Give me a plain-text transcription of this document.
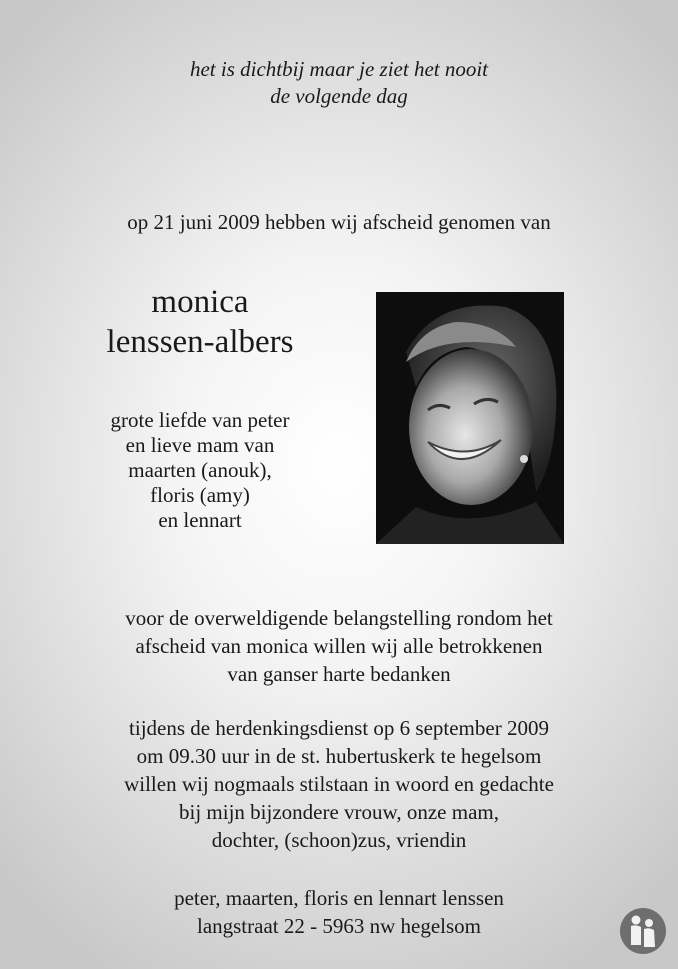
het is dichtbij maar je ziet het nooit
de volgende dag
op 21 juni 2009 hebben wij afscheid genomen van
monica
lenssen-albers
grote liefde van peter
en lieve mam van
maarten (anouk),
floris (amy)
en lennart
voor de overweldigende belangstelling rondom het
afscheid van monica willen wij alle betrokkenen
van ganser harte bedanken
tijdens de herdenkingsdienst op 6 september 2009
om 09.30 uur in de st. hubertuskerk te hegelsom
willen wij nogmaals stilstaan in woord en gedachte
bij mijn bijzondere vrouw, onze mam,
dochter, (schoon)zus, vriendin
peter, maarten, floris en lennart lenssen
langstraat 22 - 5963 nw hegelsom
